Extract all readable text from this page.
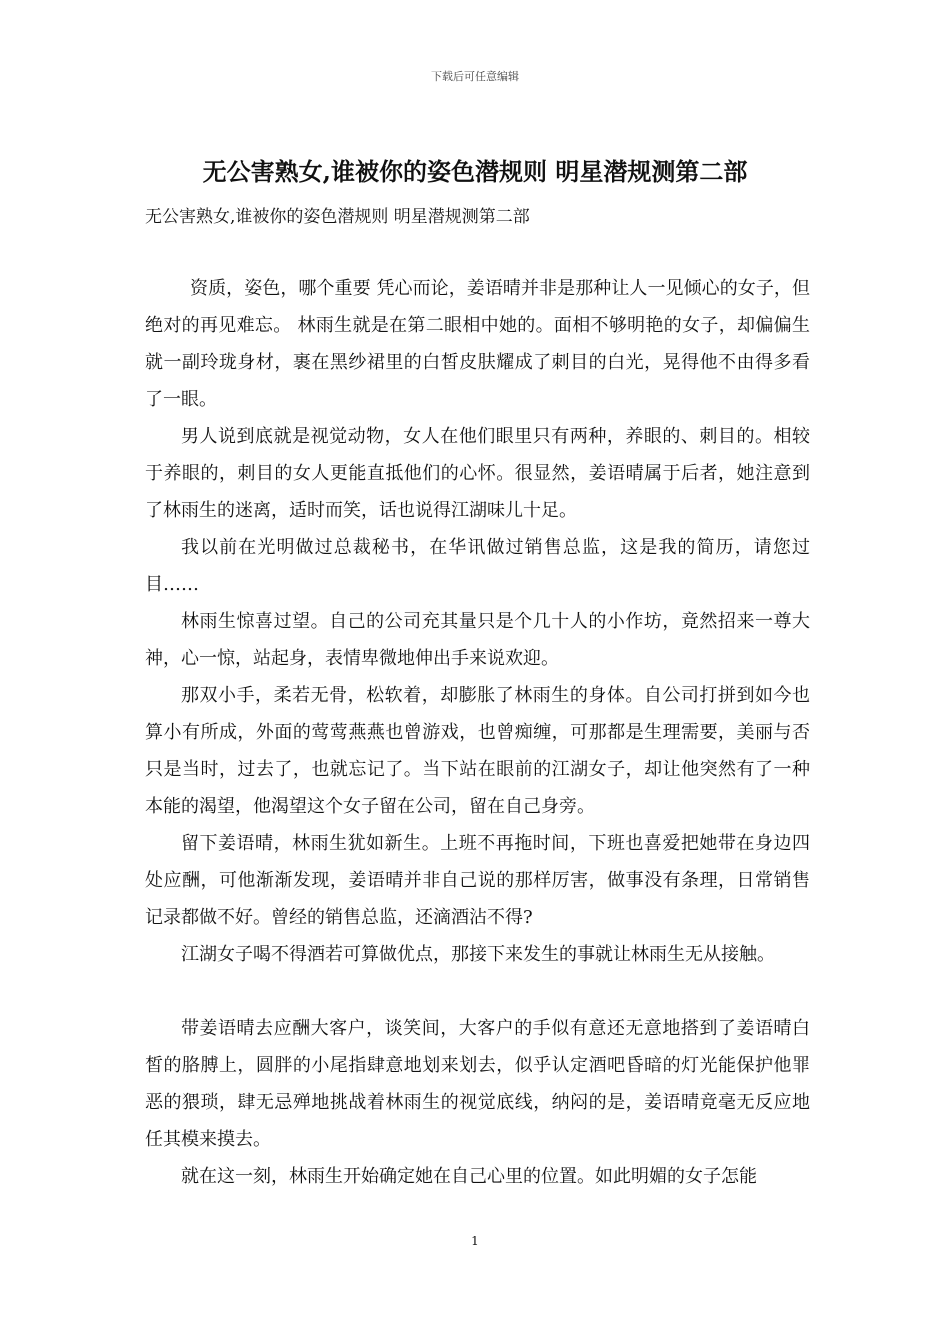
下载后可任意编辑
无公害熟女,谁被你的姿色潜规则 明星潜规测第二部

无公害熟女,谁被你的姿色潜规则 明星潜规测第二部

资质，姿色，哪个重要 凭心而论，姜语晴并非是那种让人一见倾心的女子，但绝对的再见难忘。 林雨生就是在第二眼相中她的。面相不够明艳的女子，却偏偏生就一副玲珑身材，裹在黑纱裙里的白皙皮肤耀成了刺目的白光，晃得他不由得多看了一眼。

男人说到底就是视觉动物，女人在他们眼里只有两种，养眼的、刺目的。相较于养眼的，刺目的女人更能直抵他们的心怀。很显然，姜语晴属于后者，她注意到了林雨生的迷离，适时而笑，话也说得江湖味儿十足。

我以前在光明做过总裁秘书，在华讯做过销售总监，这是我的简历，请您过目……

林雨生惊喜过望。自己的公司充其量只是个几十人的小作坊，竟然招来一尊大神，心一惊，站起身，表情卑微地伸出手来说欢迎。

那双小手，柔若无骨，松软着，却膨胀了林雨生的身体。自公司打拼到如今也算小有所成，外面的莺莺燕燕也曾游戏，也曾痴缠，可那都是生理需要，美丽与否只是当时，过去了，也就忘记了。当下站在眼前的江湖女子，却让他突然有了一种本能的渴望，他渴望这个女子留在公司，留在自己身旁。

留下姜语晴，林雨生犹如新生。上班不再拖时间，下班也喜爱把她带在身边四处应酬，可他渐渐发现，姜语晴并非自己说的那样厉害，做事没有条理，日常销售记录都做不好。曾经的销售总监，还滴酒沾不得?

江湖女子喝不得酒若可算做优点，那接下来发生的事就让林雨生无从接触。

带姜语晴去应酬大客户，谈笑间，大客户的手似有意还无意地搭到了姜语晴白皙的胳膊上，圆胖的小尾指肆意地划来划去，似乎认定酒吧昏暗的灯光能保护他罪恶的猥琐，肆无忌殚地挑战着林雨生的视觉底线，纳闷的是，姜语晴竟毫无反应地任其模来摸去。

就在这一刻，林雨生开始确定她在自己心里的位置。如此明媚的女子怎能

1
